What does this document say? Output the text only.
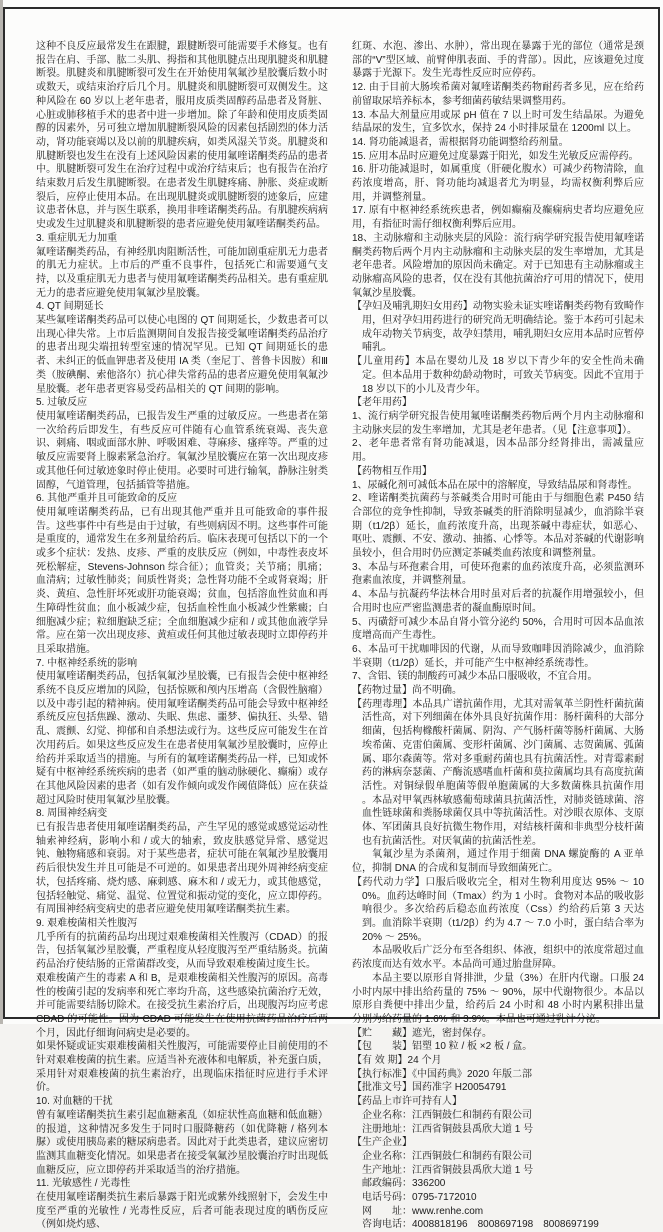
这种不良反应最常发生在跟腱，跟腱断裂可能需要手术修复。也有报告在肩、手部、肱二头肌、拇指和其他肌腱点出现肌腱炎和肌腱断裂。肌腱炎和肌腱断裂可发生在开始使用氧氟沙星胶囊后数小时或数天，或结束治疗后几个月。肌腱炎和肌腱断裂可双侧发生。这种风险在 60 岁以上老年患者，服用皮质类固醇药品患者及肾脏、心脏或肺移植手术的患者中进一步增加。除了年龄和使用皮质类固醇的因素外，另可独立增加肌腱断裂风险的因素包括剧烈的体力活动，肾功能衰竭以及以前的肌腱疾病，如类风湿关节炎。肌腱炎和肌腱断裂也发生在没有上述风险因素的使用氟喹诺酮类药品的患者中。肌腱断裂可发生在治疗过程中或治疗结束后；也有报告在治疗结束数月后发生肌腱断裂。在患者发生肌腱疼痛、肿胀、炎症或断裂后，应停止使用本品。在出现肌腱炎或肌腱断裂的迹象后，应建议患者休息，并与医生联系，换用非喹诺酮类药品。有肌腱疾病病史或发生过肌腱炎和肌腱断裂的患者应避免使用氟喹诺酮类药品。

3. 重症肌无力加重

氟喹诺酮类药品，有神经肌肉阻断活性，可能加剧重症肌无力患者的肌无力症状。上市后的严重不良事件，包括死亡和需要通气支持，以及重症肌无力患者与使用氟喹诺酮类药品相关。患有重症肌无力的患者应避免使用氧氟沙星胶囊。

4. QT 间期延长

某些氟喹诺酮类药品可以使心电图的 QT 间期延长，少数患者可以出现心律失常。上市后监测期间自发报告接受氟喹诺酮类药品治疗的患者出现尖端扭转型室速的情况罕见。已知 QT 间期延长的患者、未纠正的低血钾患者及使用 IA 类（奎尼丁、普鲁卡因胺）和Ⅲ类（胺碘酮、索他洛尔）抗心律失常药品的患者应避免使用氧氟沙星胶囊。老年患者更容易受药品相关的 QT 间期的影响。

5. 过敏反应

使用氟喹诺酮类药品，已报告发生严重的过敏反应。一些患者在第一次给药后即发生，有些反应可伴随有心血管系统衰竭、丧失意识、刺痛、咽或面部水肿、呼吸困难、荨麻疹、瘙痒等。严重的过敏反应需要肾上腺素紧急治疗。氧氟沙星胶囊应在第一次出现皮疹或其他任何过敏迹象时停止使用。必要时可进行输氧，静脉注射类固醇，气道管理，包括插管等措施。

6. 其他严重并且可能致命的反应

使用氟喹诺酮类药品，已有出现其他严重并且可能致命的事件报告。这些事件中有些是由于过敏，有些则病因不明。这些事件可能是重度的，通常发生在多剂量给药后。临床表现可包括以下的一个或多个症状：发热、皮疹、严重的皮肤反应（例如，中毒性表皮坏死松解症，Stevens-Johnson 综合征）；血管炎；关节痛；肌痛；血清病；过敏性肺炎；间质性肾炎；急性肾功能不全或肾衰竭；肝炎、黄疸、急性肝坏死或肝功能衰竭；贫血，包括溶血性贫血和再生障碍性贫血；血小板减少症，包括血栓性血小板减少性紫癜；白细胞减少症；粒细胞缺乏症；全血细胞减少症和 / 或其他血液学异常。应在第一次出现皮疹、黄疸或任何其他过敏表现时立即停药并且采取措施。

7. 中枢神经系统的影响

使用氟喹诺酮类药品，包括氧氟沙星胶囊，已有报告会使中枢神经系统不良反应增加的风险，包括惊厥和颅内压增高（含假性脑瘤）以及中毒引起的精神病。使用氟喹诺酮类药品可能会导致中枢神经系统反应包括焦躁、激动、失眠、焦虑、噩梦、偏执狂、头晕、错乱、震颤、幻觉、抑郁和自杀想法或行为。这些反应可能发生在首次用药后。如果这些反应发生在患者使用氧氟沙星胶囊时，应停止给药并采取适当的措施。与所有的氟喹诺酮类药品一样，已知或怀疑有中枢神经系统疾病的患者（如严重的脑动脉硬化、癫痫）或存在其他风险因素的患者（如有发作倾向或发作阈值降低）应在获益超过风险时使用氧氟沙星胶囊。

8. 周围神经病变

已有报告患者使用氟喹诺酮类药品，产生罕见的感觉或感觉运动性轴索神经病，影响小和 / 或大的轴索，致皮肤感觉异常、感觉迟钝、触物痛感和衰弱。对于某些患者，症状可能在氧氟沙星胶囊用药后很快发生并且可能是不可逆的。如果患者出现外周神经病变症状，包括疼痛、烧灼感、麻刺感、麻木和 / 或无力，或其他感觉，包括轻触觉、痛觉、温觉、位置觉和振动觉的变化，应立即停药。有周围神经病变病史的患者应避免使用氟喹诺酮类抗生素。

9. 艰难梭菌相关性腹泻

几乎所有的抗菌药品均出现过艰难梭菌相关性腹泻（CDAD）的报告，包括氧氟沙星胶囊，严重程度从轻度腹泻至严重结肠炎。抗菌药品治疗使结肠的正常菌群改变，从而导致艰难梭菌过度生长。

艰难梭菌产生的毒素 A 和 B，是艰难梭菌相关性腹泻的原因。高毒性的梭菌引起的发病率和死亡率均升高，这些感染抗菌治疗无效，并可能需要结肠切除术。在接受抗生素治疗后，出现腹泻均应考虑 CDAD 的可能性。因为 CDAD 可能发生在使用抗菌药品治疗后两个月，因此仔细询问病史是必要的。

如果怀疑或证实艰难梭菌相关性腹泻，可能需要停止目前使用的不针对艰难梭菌的抗生素。应适当补充液体和电解质，补充蛋白质，采用针对艰难梭菌的抗生素治疗，出现临床指征时应进行手术评价。

10. 对血糖的干扰

曾有氟喹诺酮类抗生素引起血糖紊乱（如症状性高血糖和低血糖）的报道，这种情况多发生于同时口服降糖药（如优降糖 / 格列本脲）或使用胰岛素的糖尿病患者。因此对于此类患者，建议应密切监测其血糖变化情况。如果患者在接受氧氟沙星胶囊治疗时出现低血糖反应，应立即停药并采取适当的治疗措施。

11. 光敏感性 / 光毒性

在使用氟喹诺酮类抗生素后暴露于阳光或紫外线照射下，会发生中度至严重的光敏性 / 光毒性反应，后者可能表现过度的晒伤反应（例如烧灼感、

红斑、水泡、渗出、水肿），常出现在暴露于光的部位（通常是颈部的“V”型区域、前臂伸肌表面、手的背部）。因此，应该避免过度暴露于光源下。发生光毒性反应时应停药。

12. 由于目前大肠埃希菌对氟喹诺酮类药物耐药者多见，应在给药前留取尿培养标本，参考细菌药敏结果调整用药。

13. 本品大剂量应用或尿 pH 值在 7 以上时可发生结晶尿。为避免结晶尿的发生，宜多饮水，保持 24 小时排尿量在 1200ml 以上。

14. 肾功能减退者，需根据肾功能调整给药剂量。

15. 应用本品时应避免过度暴露于阳光，如发生光敏反应需停药。

16. 肝功能减退时，如属重度（肝硬化腹水）可减少药物清除，血药浓度增高，肝、肾功能均减退者尤为明显，均需权衡利弊后应用，并调整剂量。

17. 原有中枢神经系统疾患者，例如癫痫及癫痫病史者均应避免应用，有指征时需仔细权衡利弊后应用。

18、主动脉瘤和主动脉夹层的风险：流行病学研究报告使用氟喹诺酮类药物后两个月内主动脉瘤和主动脉夹层的发生率增加，尤其是老年患者。风险增加的原因尚未确定。对于已知患有主动脉瘤或主动脉瘤高风险的患者，仅在没有其他抗菌治疗可用的情况下，使用氧氟沙星胶囊。

【孕妇及哺乳期妇女用药】动物实验未证实喹诺酮类药物有致畸作用，但对孕妇用药进行的研究尚无明确结论。鉴于本药可引起未成年动物关节病变，故孕妇禁用，哺乳期妇女应用本品时应暂停哺乳。

【儿童用药】本品在婴幼儿及 18 岁以下青少年的安全性尚未确定。但本品用于数种幼龄动物时，可致关节病变。因此不宜用于 18 岁以下的小儿及青少年。

【老年用药】

1、流行病学研究报告使用氟喹诺酮类药物后两个月内主动脉瘤和主动脉夹层的发生率增加，尤其是老年患者。（见【注意事项】）。

2、老年患者常有肾功能减退，因本品部分经肾排出，需减量应用。

【药物相互作用】

1、尿碱化剂可减低本品在尿中的溶解度，导致结晶尿和肾毒性。

2、喹诺酮类抗菌药与茶碱类合用时可能由于与细胞色素 P450 结合部位的竞争性抑制，导致茶碱类的肝消除明显减少，血消除半衰期（t1/2β）延长，血药浓度升高，出现茶碱中毒症状，如恶心、呕吐、震颤、不安、激动、抽搐、心悸等。本品对茶碱的代谢影响虽较小，但合用时仍应测定茶碱类血药浓度和调整剂量。

3、本品与环孢素合用，可使环孢素的血药浓度升高，必须监测环孢素血浓度，并调整剂量。

4、本品与抗凝药华法林合用时虽对后者的抗凝作用增强较小，但合用时也应严密监测患者的凝血酶原时间。

5、丙磺舒可减少本品自肾小管分泌约 50%，合用时可因本品血浓度增高而产生毒性。

6、本品可干扰咖啡因的代谢，从而导致咖啡因消除减少，血消除半衰期（t1/2β）延长，并可能产生中枢神经系统毒性。

7、含铝、镁的制酸药可减少本品口服吸收，不宜合用。

【药物过量】尚不明确。

【药理毒理】本品具广谱抗菌作用，尤其对需氧革兰阴性杆菌抗菌活性高，对下列细菌在体外具良好抗菌作用：肠杆菌科的大部分细菌，包括枸橼酸杆菌属、阴沟、产气肠杆菌等肠杆菌属、大肠埃希菌、克雷伯菌属、变形杆菌属、沙门菌属、志贺菌属、弧菌属、耶尔森菌等。常对多重耐药菌也具有抗菌活性。对青霉素耐药的淋病奈瑟菌、产酶流感嗜血杆菌和莫拉菌属均具有高度抗菌活性。对铜绿假单胞菌等假单胞菌属的大多数菌株具抗菌作用 。本品对甲氧西林敏感葡萄球菌具抗菌活性，对肺炎链球菌、溶血性链球菌和粪肠球菌仅具中等抗菌活性。对沙眼衣原体、支原体、军团菌具良好抗微生物作用，对结核杆菌和非典型分枝杆菌也有抗菌活性。对厌氧菌的抗菌活性差。

氧氟沙星为杀菌剂，通过作用于细菌 DNA 螺旋酶的 A 亚单位，抑制 DNA 的合成和复制而导致细菌死亡。

【药代动力学】口服后吸收完全，相对生物利用度达 95% ～ 100%。血药达峰时间（Tmax）约为 1 小时。食物对本品的吸收影响很少。多次给药后稳态血药浓度（Css）约给药后第 3 天达到。血消除半衰期（t1/2β）约为 4.7 ～ 7.0 小时，蛋白结合率为 20% ～ 25%。

本品吸收后广泛分布至各组织、体液，组织中的浓度常超过血药浓度而达有效水平。本品尚可通过胎盘屏障。

本品主要以原形自肾排泄，少量（3%）在肝内代谢。口服 24 小时内尿中排出给药量的 75% ～ 90%，尿中代谢物很少。本品以原形自粪便中排出少量，给药后 24 小时和 48 小时内累积排出量分别为给药量的 1.6% 和 3.9%。本品也可通过乳汁分泌。

【贮　　藏】遮光，密封保存。

【包　　装】铝塑 10 粒 / 板 ×2 板 / 盒。

【有 效 期】24 个月

【执行标准】《中国药典》2020 年版二部

【批准文号】国药准字 H20054791

【药品上市许可持有人】

企业名称：江西铜鼓仁和制药有限公司

注册地址：江西省铜鼓县禹欣大道 1 号

【生产企业】

企业名称：江西铜鼓仁和制药有限公司

生产地址：江西省铜鼓县禹欣大道 1 号

邮政编码：336200

电话号码：0795-7172010

网　　址：www.renhe.com

咨询电话：4008818196　8008697198　8008697199
